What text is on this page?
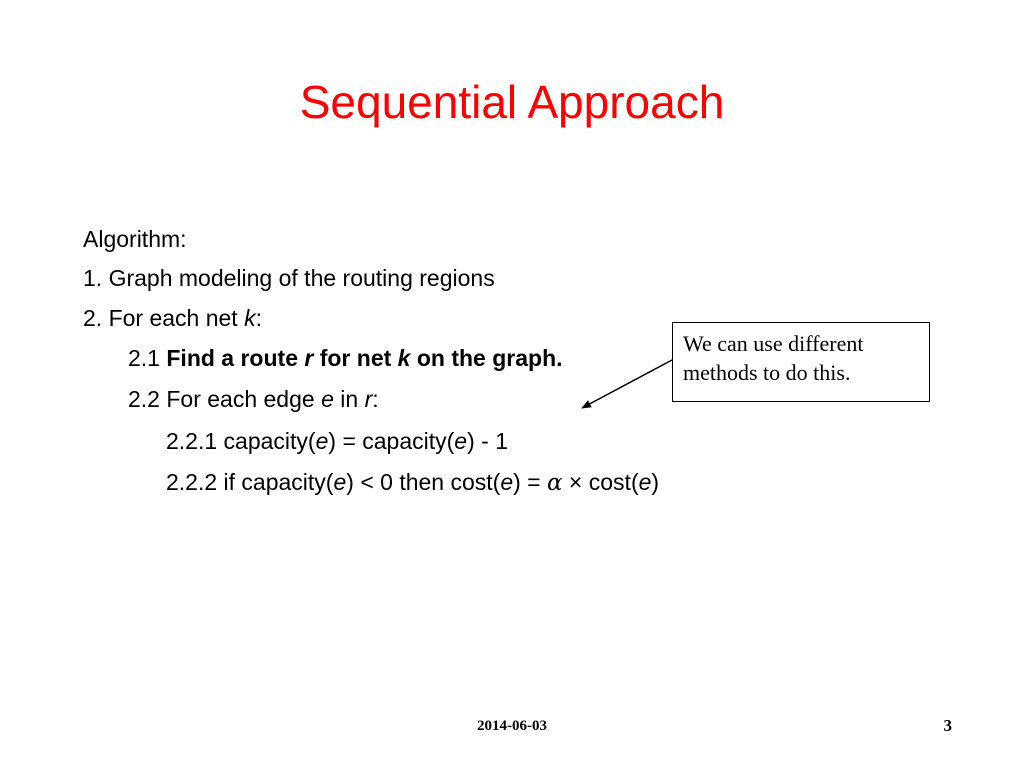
Sequential Approach
Algorithm:
1. Graph modeling of the routing regions
2. For each net k:
2.1 Find a route r for net k on the graph.
2.2 For each edge e in r:
2.2.1 capacity(e) = capacity(e) - 1
2.2.2 if capacity(e) < 0 then cost(e) = α × cost(e)
We can use different
methods to do this.
2014-06-03	3
